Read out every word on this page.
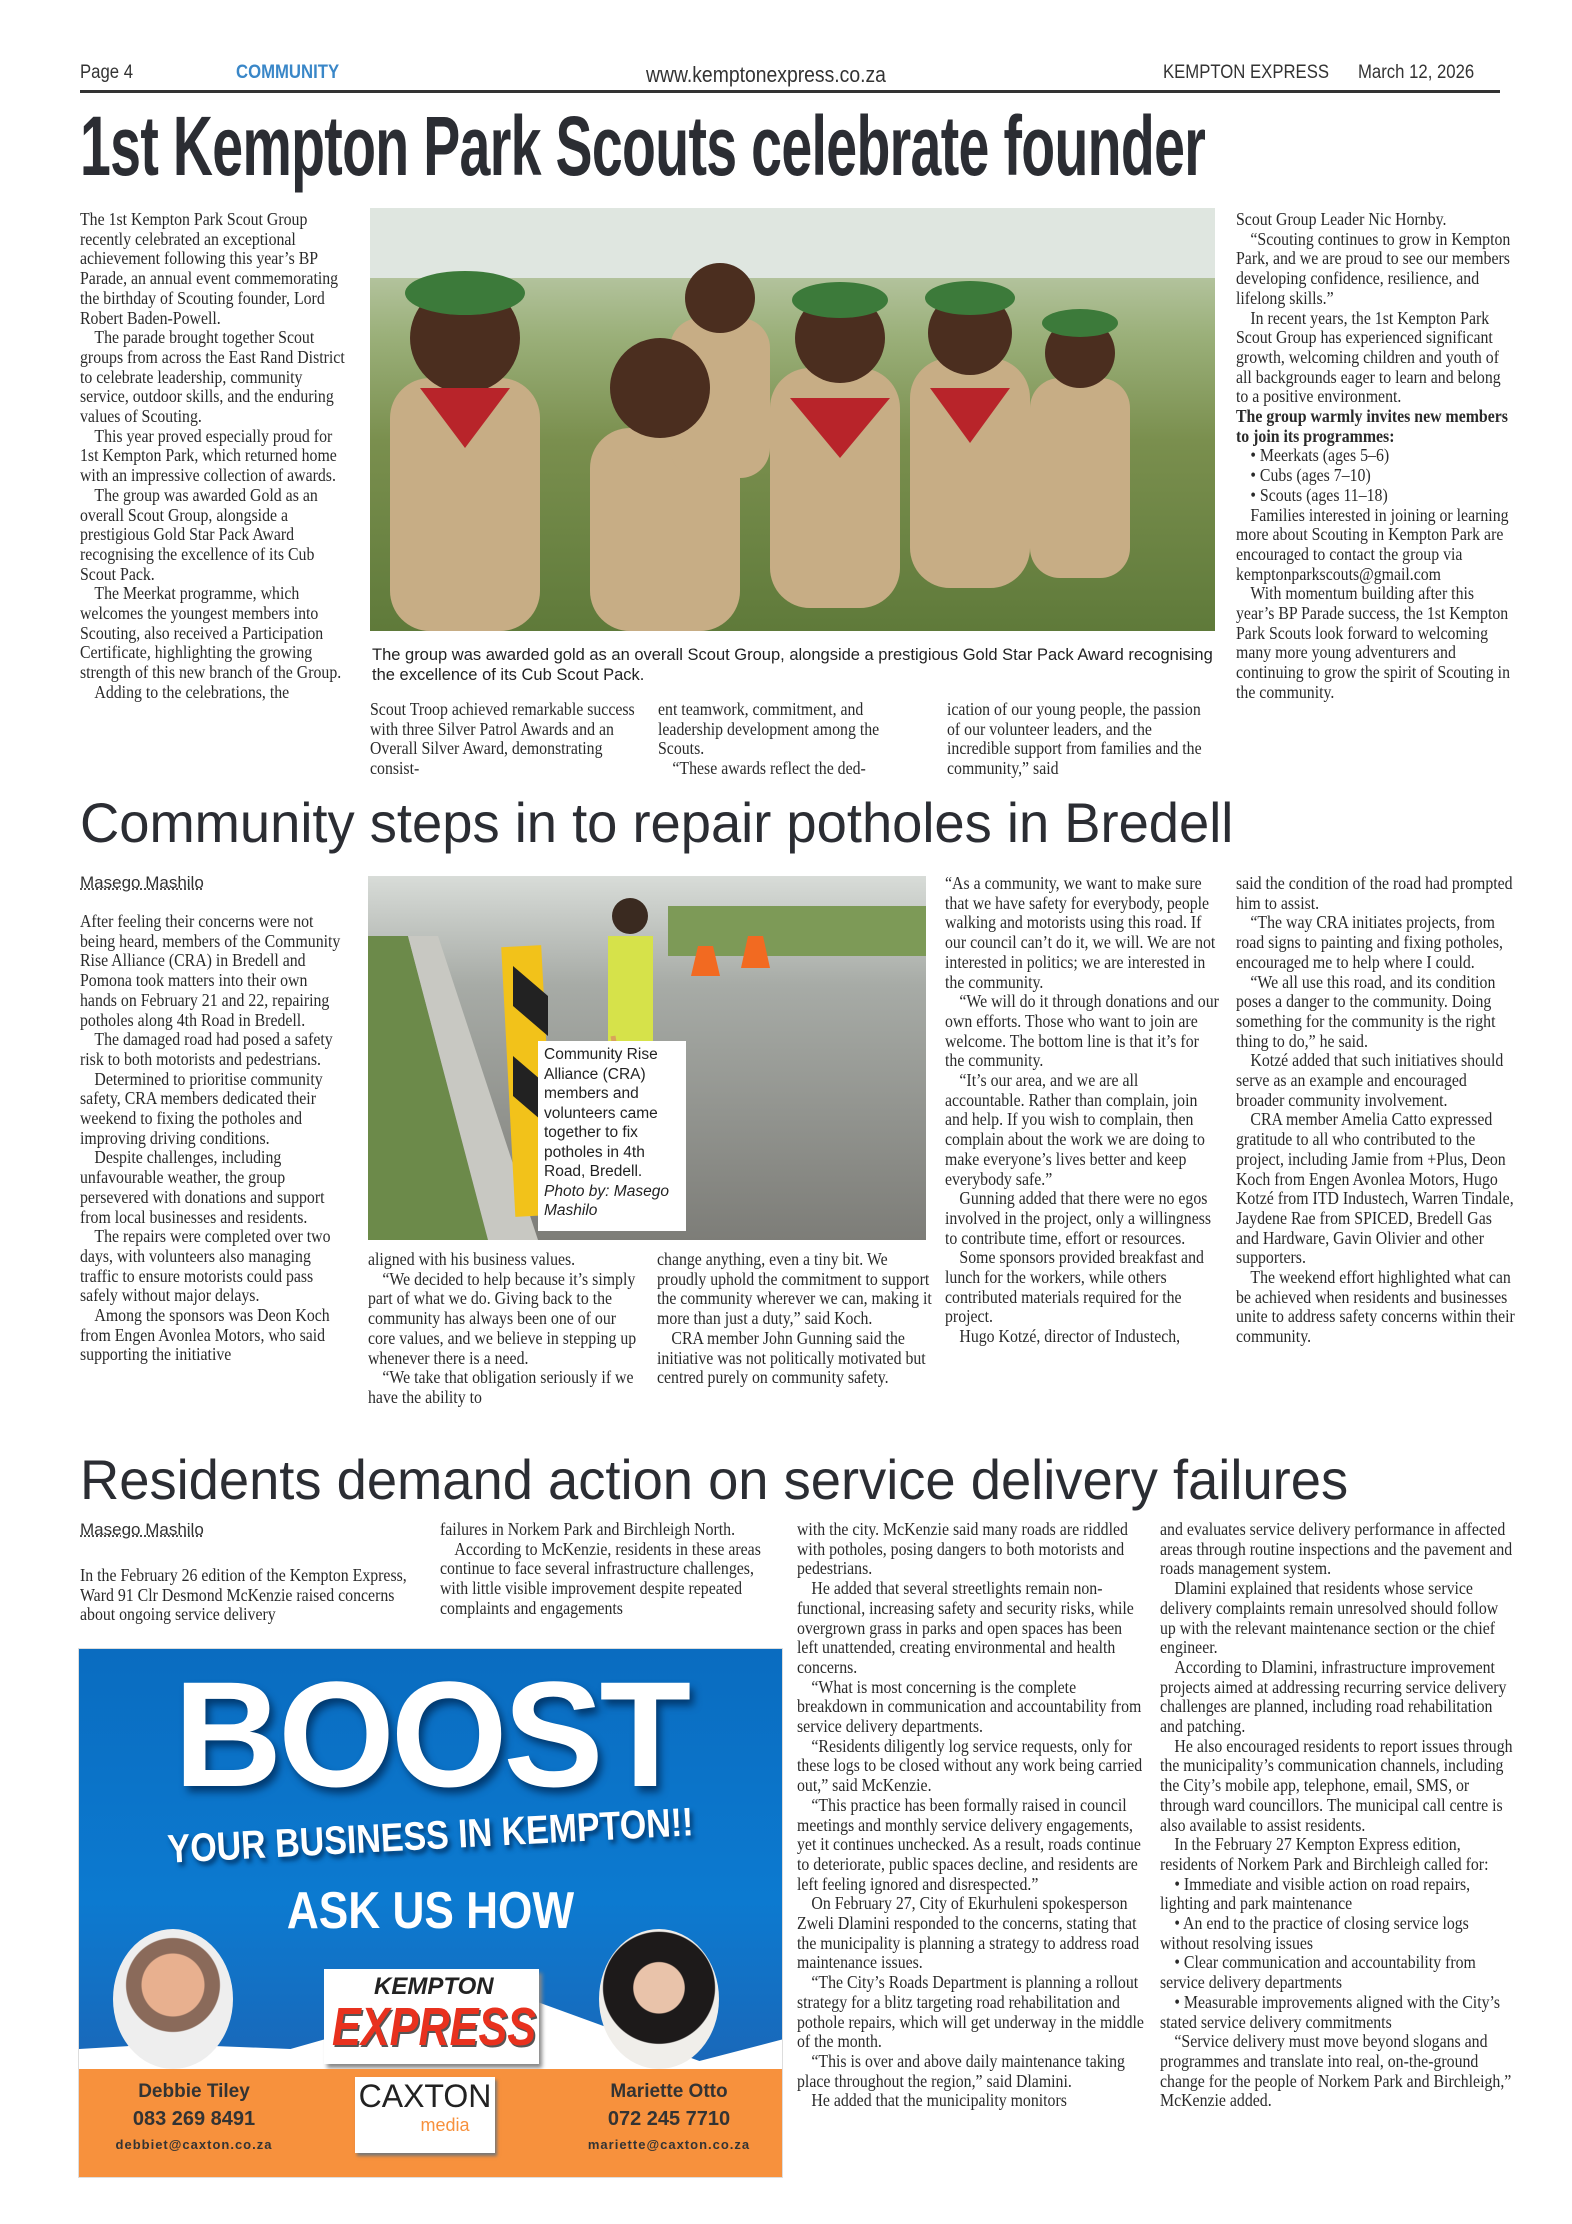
Page 4	COMMUNITY	www.kemptonexpress.co.za	KEMPTON EXPRESS March 12, 2026
1st Kempton Park Scouts celebrate founder

The 1st Kempton Park Scout Group recently celebrated an exceptional achievement following this year’s BP Parade, an annual event commemorating the birthday of Scouting founder, Lord Robert Baden-Powell.

The parade brought together Scout groups from across the East Rand District to celebrate leadership, community service, outdoor skills, and the enduring values of Scouting.

This year proved especially proud for 1st Kempton Park, which returned home with an impressive collection of awards.

The group was awarded Gold as an overall Scout Group, alongside a prestigious Gold Star Pack Award recognising the excellence of its Cub Scout Pack.

The Meerkat programme, which welcomes the youngest members into Scouting, also received a Participation Certificate, highlighting the growing strength of this new branch of the Group.

Adding to the celebrations, the

The group was awarded gold as an overall Scout Group, alongside a prestigious Gold Star Pack Award recognising the excellence of its Cub Scout Pack.

Scout Troop achieved remarkable success with three Silver Patrol Awards and an Overall Silver Award, demonstrating consist-

ent teamwork, commitment, and leadership development among the Scouts.

“These awards reflect the ded-

ication of our young people, the passion of our volunteer leaders, and the incredible support from families and the community,” said

Scout Group Leader Nic Hornby.

“Scouting continues to grow in Kempton Park, and we are proud to see our members developing confidence, resilience, and lifelong skills.”

In recent years, the 1st Kempton Park Scout Group has experienced significant growth, welcoming children and youth of all backgrounds eager to learn and belong to a positive environment.

The group warmly invites new members to join its programmes:

• Meerkats (ages 5–6)

• Cubs (ages 7–10)

• Scouts (ages 11–18)

Families interested in joining or learning more about Scouting in Kempton Park are encouraged to contact the group via kemptonparkscouts@gmail.com

With momentum building after this year’s BP Parade success, the 1st Kempton Park Scouts look forward to welcoming many more young adventurers and continuing to grow the spirit of Scouting in the community.

Community steps in to repair potholes in Bredell
Masego Mashilo

After feeling their concerns were not being heard, members of the Community Rise Alliance (CRA) in Bredell and Pomona took matters into their own hands on February 21 and 22, repairing potholes along 4th Road in Bredell.

The damaged road had posed a safety risk to both motorists and pedestrians.

Determined to prioritise community safety, CRA members dedicated their weekend to fixing the potholes and improving driving conditions.

Despite challenges, including unfavourable weather, the group persevered with donations and support from local businesses and residents.

The repairs were completed over two days, with volunteers also managing traffic to ensure motorists could pass safely without major delays.

Among the sponsors was Deon Koch from Engen Avonlea Motors, who said supporting the initiative

Community Rise Alliance (CRA) members and volunteers came together to fix potholes in 4th Road, Bredell.
Photo by: Masego Mashilo

aligned with his business values.

“We decided to help because it’s simply part of what we do. Giving back to the community has always been one of our core values, and we believe in stepping up whenever there is a need.

“We take that obligation seriously if we have the ability to

change anything, even a tiny bit. We proudly uphold the commitment to support the community wherever we can, making it more than just a duty,” said Koch.

CRA member John Gunning said the initiative was not politically motivated but centred purely on community safety.

“As a community, we want to make sure that we have safety for everybody, people walking and motorists using this road. If our council can’t do it, we will. We are not interested in politics; we are interested in the community.

“We will do it through donations and our own efforts. Those who want to join are welcome. The bottom line is that it’s for the community.

“It’s our area, and we are all accountable. Rather than complain, join and help. If you wish to complain, then complain about the work we are doing to make everyone’s lives better and keep everybody safe.”

Gunning added that there were no egos involved in the project, only a willingness to contribute time, effort or resources.

Some sponsors provided breakfast and lunch for the workers, while others contributed materials required for the project.

Hugo Kotzé, director of Industech,

said the condition of the road had prompted him to assist.

“The way CRA initiates projects, from road signs to painting and fixing potholes, encouraged me to help where I could.

“We all use this road, and its condition poses a danger to the community. Doing something for the community is the right thing to do,” he said.

Kotzé added that such initiatives should serve as an example and encouraged broader community involvement.

CRA member Amelia Catto expressed gratitude to all who contributed to the project, including Jamie from +Plus, Deon Koch from Engen Avonlea Motors, Hugo Kotzé from ITD Industech, Warren Tindale, Jaydene Rae from SPICED, Bredell Gas and Hardware, Gavin Olivier and other supporters.

The weekend effort highlighted what can be achieved when residents and businesses unite to address safety concerns within their community.

Residents demand action on service delivery failures
Masego Mashilo

In the February 26 edition of the Kempton Express, Ward 91 Clr Desmond McKenzie raised concerns about ongoing service delivery

failures in Norkem Park and Birchleigh North.

According to McKenzie, residents in these areas continue to face several infrastructure challenges, with little visible improvement despite repeated complaints and engagements

with the city. McKenzie said many roads are riddled with potholes, posing dangers to both motorists and pedestrians.

He added that several streetlights remain non-functional, increasing safety and security risks, while overgrown grass in parks and open spaces has been left unattended, creating environmental and health concerns.

“What is most concerning is the complete breakdown in communication and accountability from service delivery departments.

“Residents diligently log service requests, only for these logs to be closed without any work being carried out,” said McKenzie.

“This practice has been formally raised in council meetings and monthly service delivery engagements, yet it continues unchecked. As a result, roads continue to deteriorate, public spaces decline, and residents are left feeling ignored and disrespected.”

On February 27, City of Ekurhuleni spokesperson Zweli Dlamini responded to the concerns, stating that the municipality is planning a strategy to address road maintenance issues.

“The City’s Roads Department is planning a rollout strategy for a blitz targeting road rehabilitation and pothole repairs, which will get underway in the middle of the month.

“This is over and above daily maintenance taking place throughout the region,” said Dlamini.

He added that the municipality monitors

and evaluates service delivery performance in affected areas through routine inspections and the pavement and roads management system.

Dlamini explained that residents whose service delivery complaints remain unresolved should follow up with the relevant maintenance section or the chief engineer.

According to Dlamini, infrastructure improvement projects aimed at addressing recurring service delivery challenges are planned, including road rehabilitation and patching.

He also encouraged residents to report issues through the municipality’s communication channels, including the City’s mobile app, telephone, email, SMS, or through ward councillors. The municipal call centre is also available to assist residents.

In the February 27 Kempton Express edition, residents of Norkem Park and Birchleigh called for:

• Immediate and visible action on road repairs, lighting and park maintenance

• An end to the practice of closing service logs without resolving issues

• Clear communication and accountability from service delivery departments

• Measurable improvements aligned with the City’s stated service delivery commitments

“Service delivery must move beyond slogans and programmes and translate into real, on-the-ground change for the people of Norkem Park and Birchleigh,” McKenzie added.

BOOST
YOUR BUSINESS IN KEMPTON!!
ASK US HOW
KEMPTON
EXPRESS
CAXTON
media
Debbie Tiley
083 269 8491
debbiet@caxton.co.za
Mariette Otto
072 245 7710
mariette@caxton.co.za
